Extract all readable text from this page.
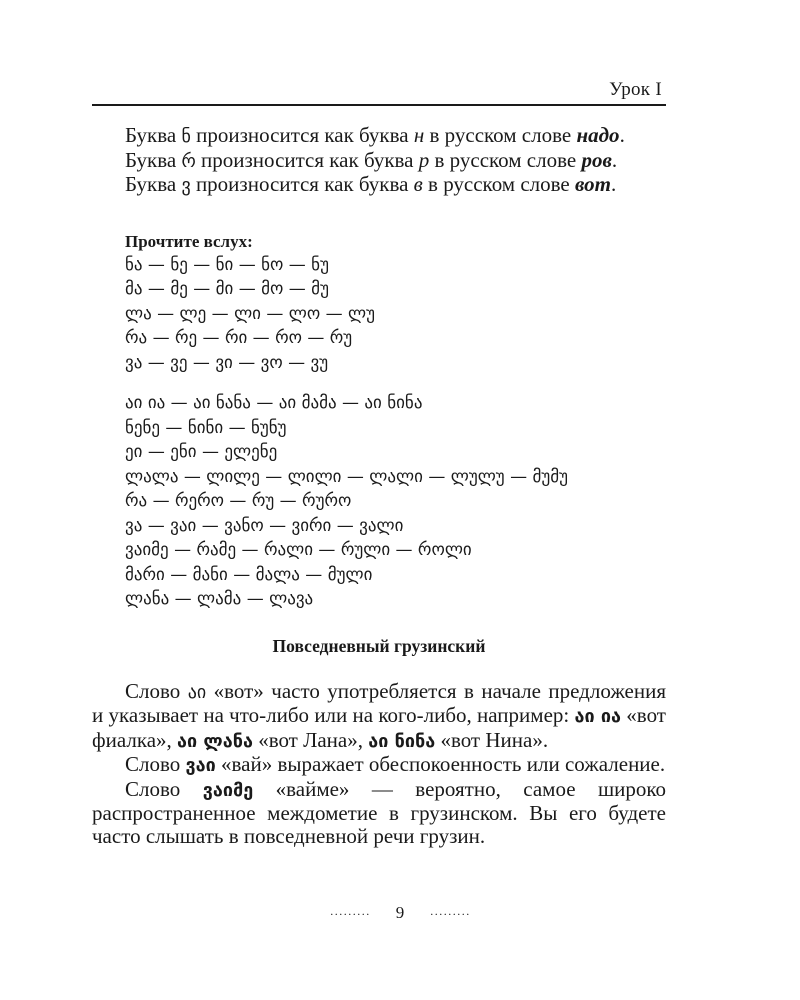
Урок I

Буква ნ произносится как буква н в русском слове надо.

Буква რ произносится как буква р в русском слове ров.

Буква ვ произносится как буква в в русском слове вот.

Прочтите вслух:
ნა — ნე — ნი — ნო — ნუ
მა — მე — მი — მო — მუ
ლა — ლე — ლი — ლო — ლუ
რა — რე — რი — რო — რუ
ვა — ვე — ვი — ვო — ვუ
აი ია — აი ნანა — აი მამა — აი ნინა
ნენე — ნინი — ნუნუ
ეი — ენი — ელენე
ლალა — ლილე — ლილი — ლალი — ლულუ — მუმუ
რა — რერო — რუ — რურო
ვა — ვაი — ვანო — ვირი — ვალი
ვაიმე — რამე — რალი — რული — როლი
მარი — მანი — მალა — მული
ლანა — ლამა — ლავა
Повседневный грузинский

Слово აი «вот» часто употребляется в начале предложения и указывает на что-либо или на кого-либо, например: აი ია «вот фиалка», აი ლანა «вот Лана», აი ნინა «вот Нина».

Слово ვაი «вай» выражает обеспокоенность или сожаление.

Слово ვაიმე «вайме» — вероятно, самое широко распространенное междометие в грузинском. Вы его будете часто слышать в повседневной речи грузин.

········· 9 ·········
